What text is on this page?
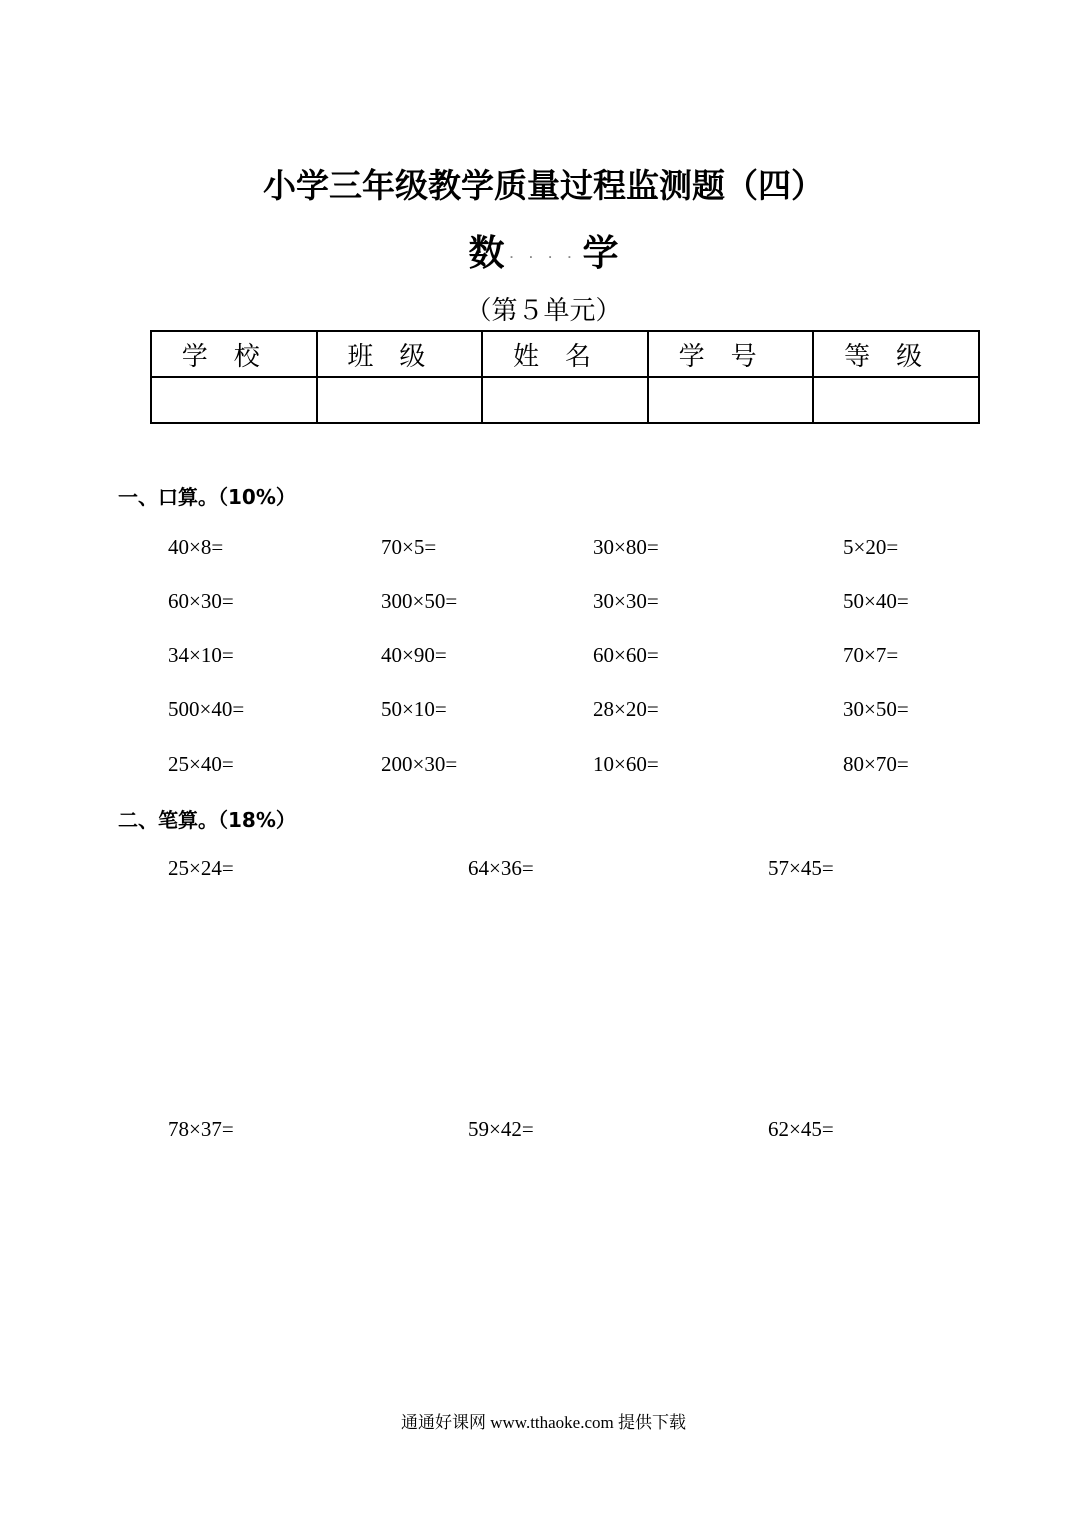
小学三年级教学质量过程监测题（四）
数 . . . . 学
（第５单元）
学校	班级	姓名	学号	等级

一、口算。（10%）
40×8=	70×5=	30×80=	5×20=
60×30=	300×50=	30×30=	50×40=
34×10=	40×90=	60×60=	70×7=
500×40=	50×10=	28×20=	30×50=
25×40=	200×30=	10×60=	80×70=
二、笔算。（18%）
25×24=	64×36=	57×45=
78×37=	59×42=	62×45=
通通好课网 www.tthaoke.com 提供下载
